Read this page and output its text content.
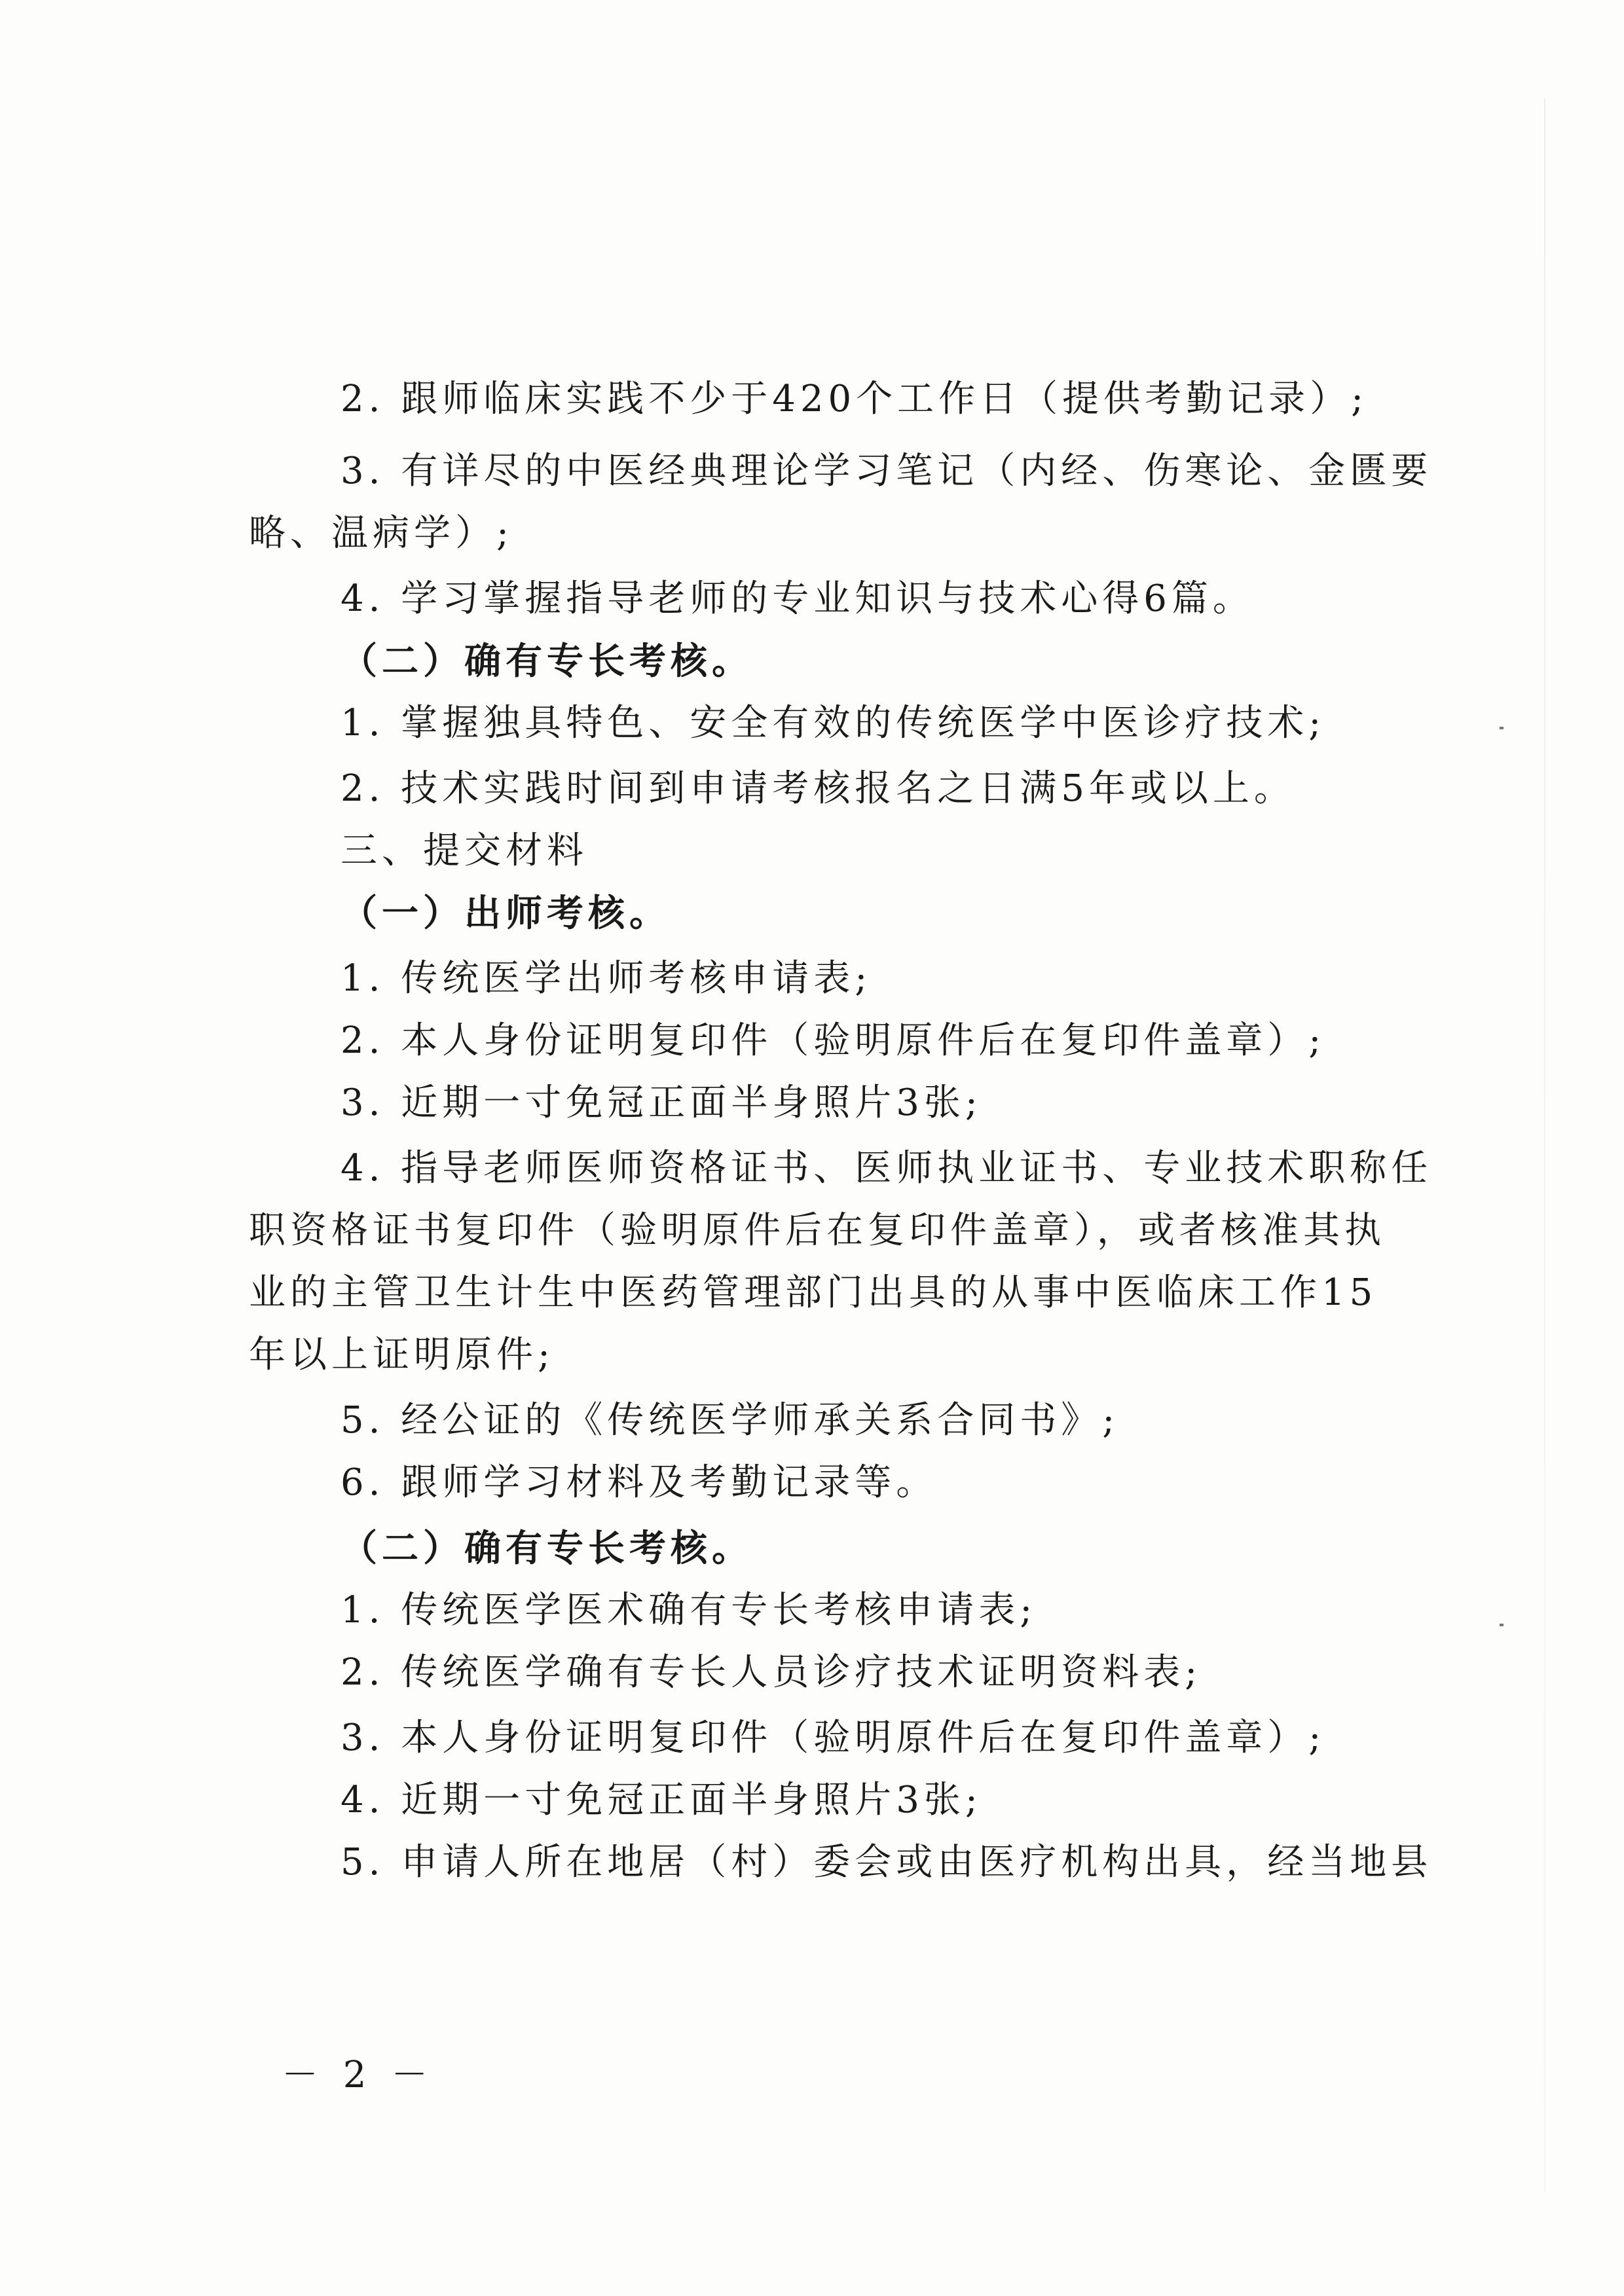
2. 跟师临床实践不少于420个工作日（提供考勤记录）;
3. 有详尽的中医经典理论学习笔记（内经、伤寒论、金匮要
略、温病学）;
4. 学习掌握指导老师的专业知识与技术心得6篇。
（二）确有专长考核。
1. 掌握独具特色、安全有效的传统医学中医诊疗技术;
2. 技术实践时间到申请考核报名之日满5年或以上。
三、提交材料
（一）出师考核。
1. 传统医学出师考核申请表;
2. 本人身份证明复印件（验明原件后在复印件盖章）;
3. 近期一寸免冠正面半身照片3张;
4. 指导老师医师资格证书、医师执业证书、专业技术职称任
职资格证书复印件（验明原件后在复印件盖章），或者核准其执
业的主管卫生计生中医药管理部门出具的从事中医临床工作15
年以上证明原件;
5. 经公证的《传统医学师承关系合同书》;
6. 跟师学习材料及考勤记录等。
（二）确有专长考核。
1. 传统医学医术确有专长考核申请表;
2. 传统医学确有专长人员诊疗技术证明资料表;
3. 本人身份证明复印件（验明原件后在复印件盖章）;
4. 近期一寸免冠正面半身照片3张;
5. 申请人所在地居（村）委会或由医疗机构出具，经当地县
－ 2 －
